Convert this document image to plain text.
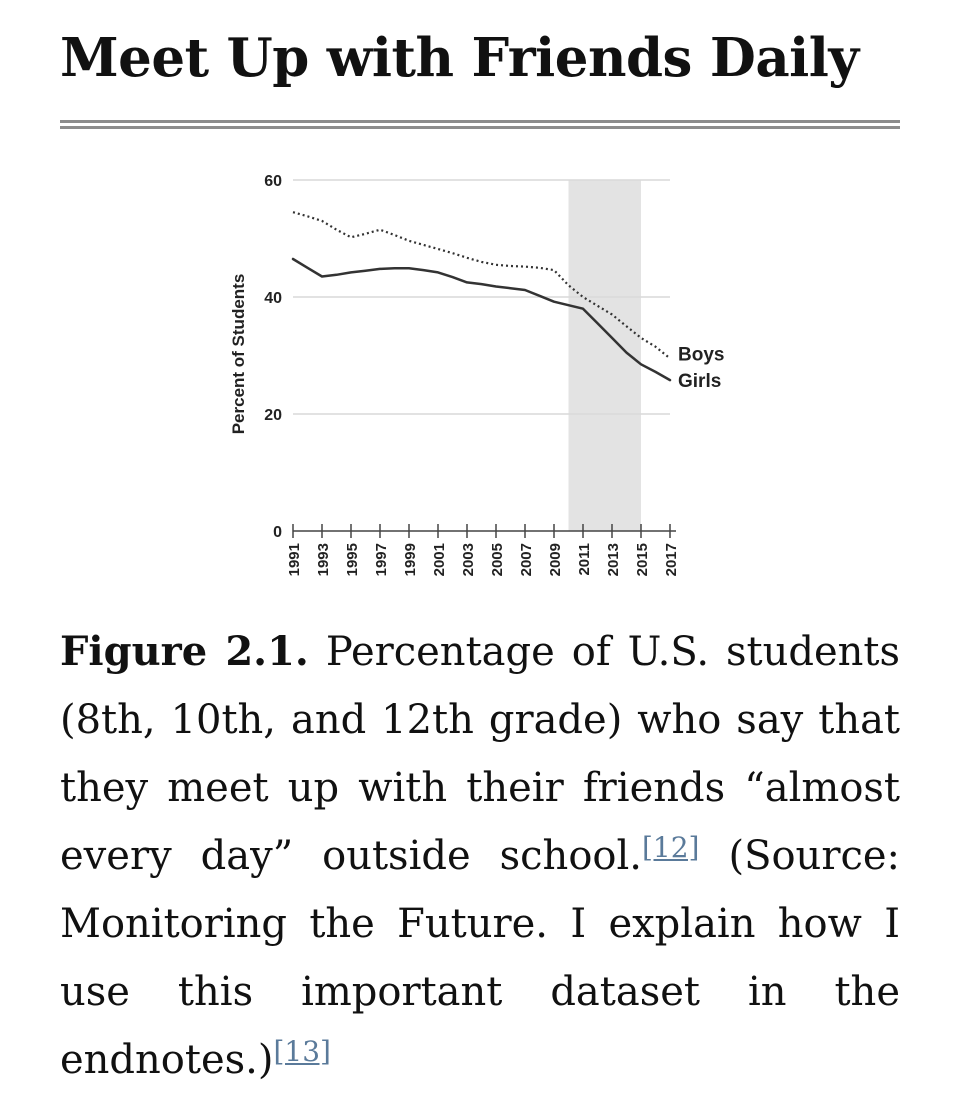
Meet Up with Friends Daily
0
20
40
60
1991 1993 1995 1997 1999 2001 2003 2005 2007 2009 2011 2013 2015 2017
Boys
Girls
Percent of Students

Figure 2.1. Percentage of U.S. students (8th, 10th, and 12th grade) who say that they meet up with their friends “almost every day” outside school.[12] (Source: Monitoring the Future. I explain how I use this important dataset in the endnotes.)[13]
